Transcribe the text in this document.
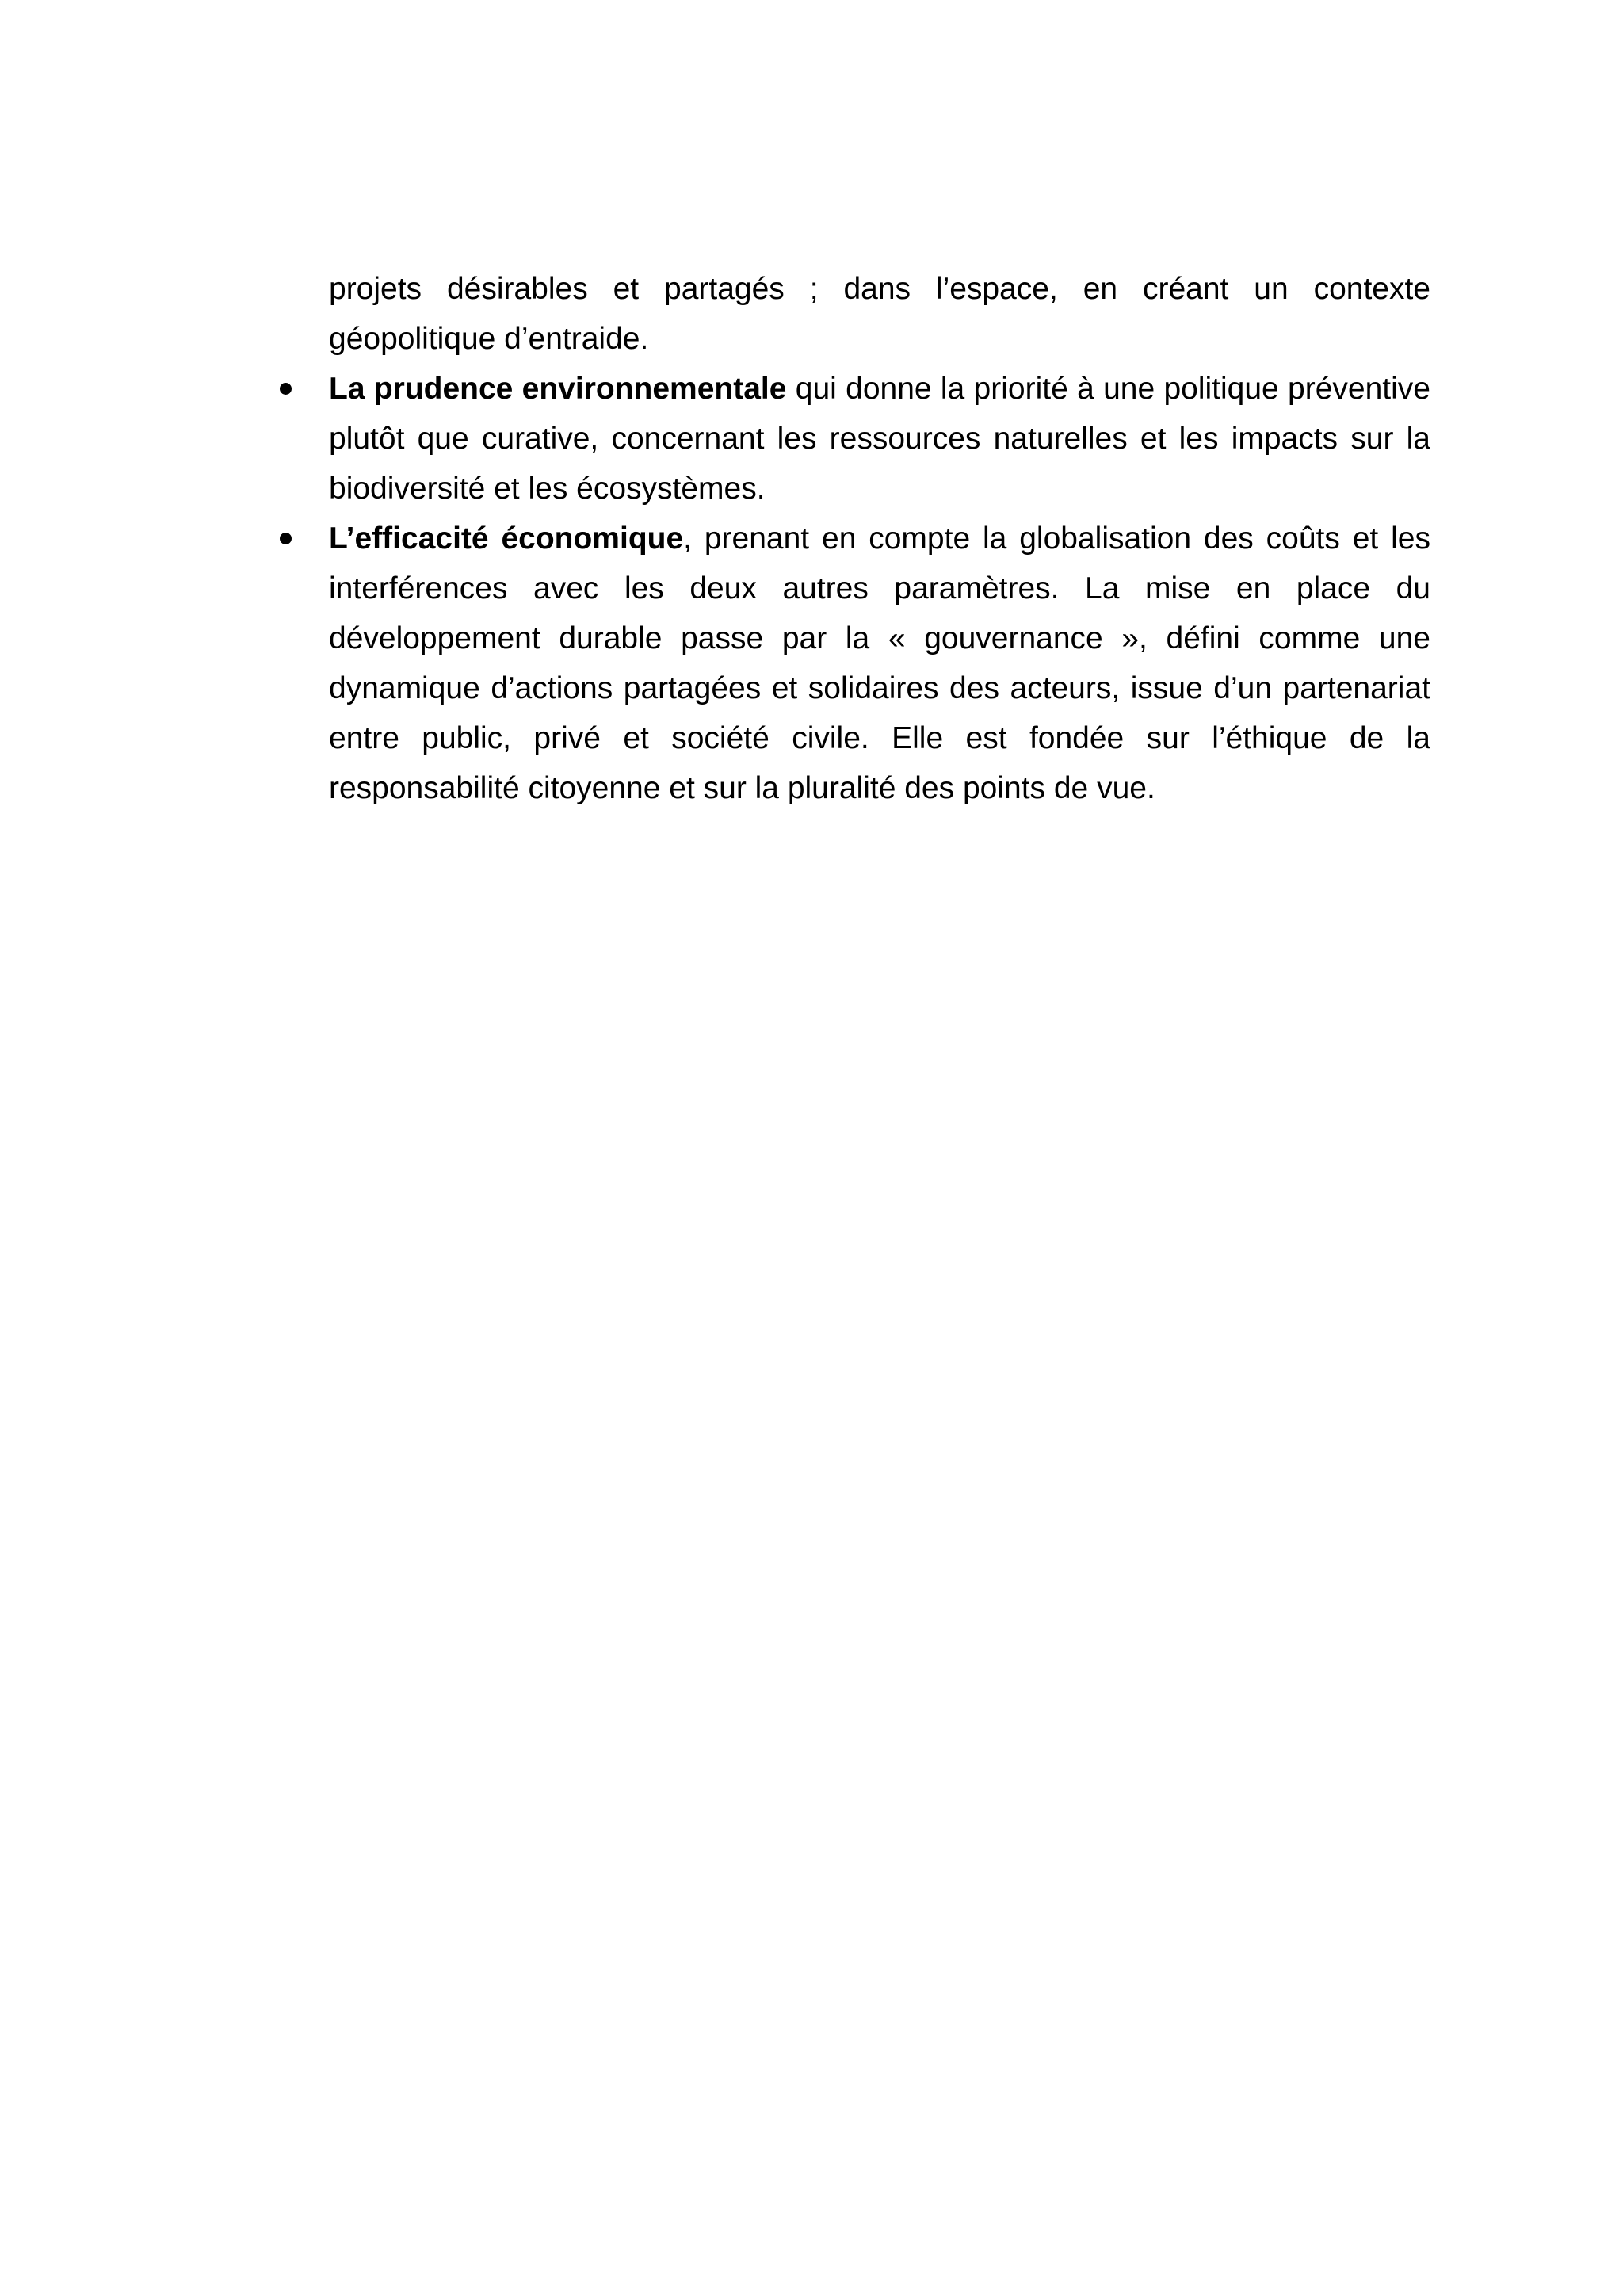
projets désirables et partagés ; dans l’espace, en créant un contexte géopolitique d’entraide.

La prudence environnementale qui donne la priorité à une politique préventive plutôt que curative, concernant les ressources naturelles et les impacts sur la biodiversité et les écosystèmes.
L’efficacité économique, prenant en compte la globalisation des coûts et les interférences avec les deux autres paramètres. La mise en place du développement durable passe par la « gouvernance », défini comme une dynamique d’actions partagées et solidaires des acteurs, issue d’un partenariat entre public, privé et société civile. Elle est fondée sur l’éthique de la responsabilité citoyenne et sur la pluralité des points de vue.
